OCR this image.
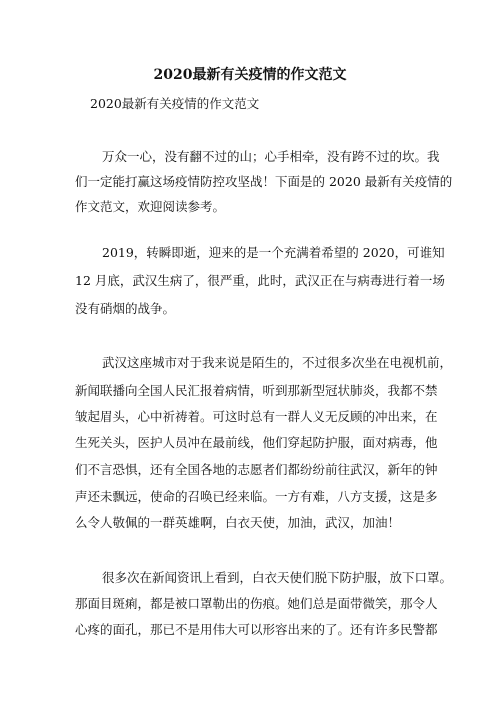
2020最新有关疫情的作文范文
2020最新有关疫情的作文范文
万众一心，没有翻不过的山；心手相牵，没有跨不过的坎。我
们一定能打赢这场疫情防控攻坚战！下面是的 2020 最新有关疫情的
作文范文，欢迎阅读参考。
2019，转瞬即逝，迎来的是一个充满着希望的 2020，可谁知
12 月底，武汉生病了，很严重，此时，武汉正在与病毒进行着一场
没有硝烟的战争。
武汉这座城市对于我来说是陌生的，不过很多次坐在电视机前，
新闻联播向全国人民汇报着病情，听到那新型冠状肺炎，我都不禁
皱起眉头，心中祈祷着。可这时总有一群人义无反顾的冲出来，在
生死关头，医护人员冲在最前线，他们穿起防护服，面对病毒，他
们不言恐惧，还有全国各地的志愿者们都纷纷前往武汉，新年的钟
声还未飘远，使命的召唤已经来临。一方有难，八方支援，这是多
么令人敬佩的一群英雄啊，白衣天使，加油，武汉，加油！
很多次在新闻资讯上看到，白衣天使们脱下防护服，放下口罩。
那面目斑痢，都是被口罩勒出的伤痕。她们总是面带微笑，那令人
心疼的面孔，那已不是用伟大可以形容出来的了。还有许多民警都
